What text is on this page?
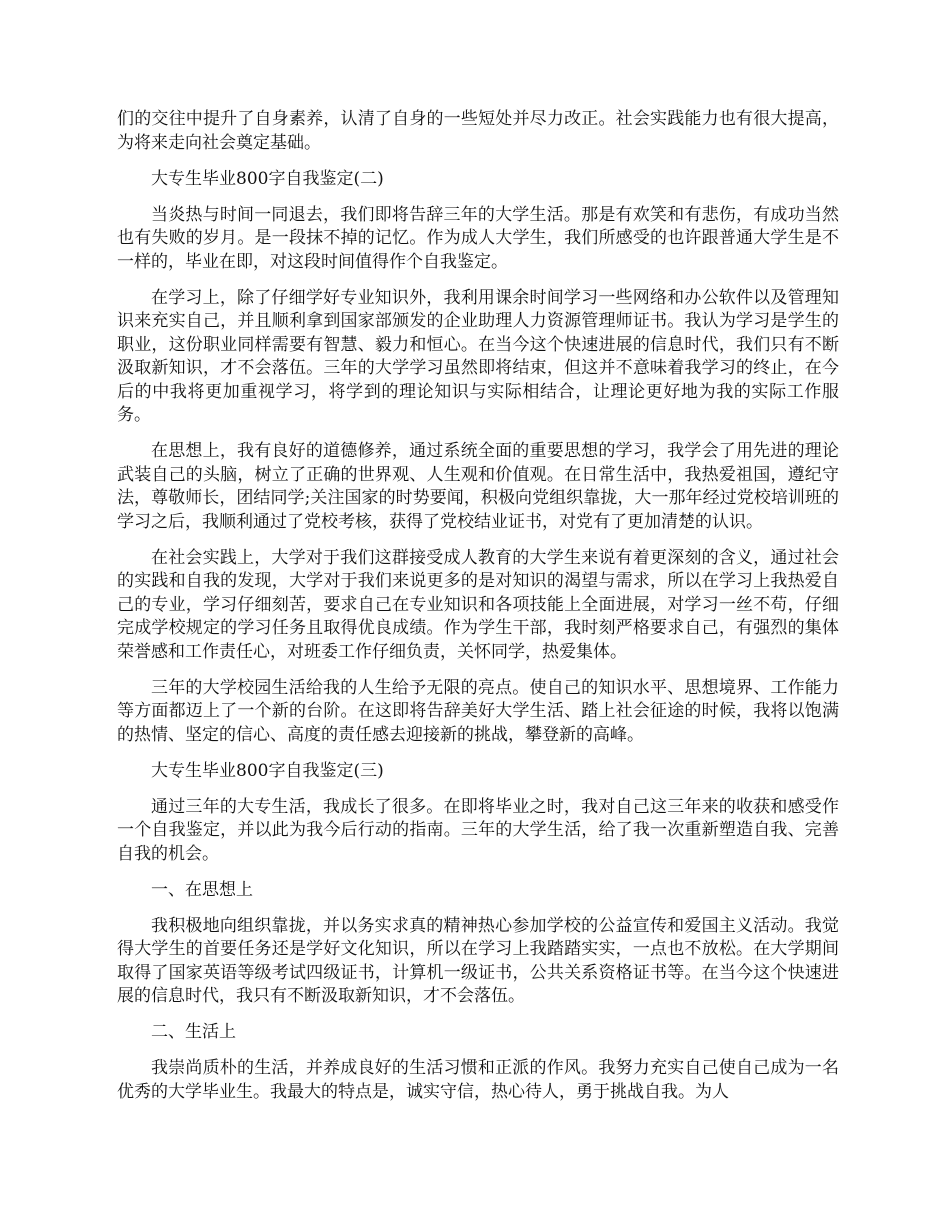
们的交往中提升了自身素养，认清了自身的一些短处并尽力改正。社会实践能力也有很大提高，为将来走向社会奠定基础。

大专生毕业800字自我鉴定(二)

当炎热与时间一同退去，我们即将告辞三年的大学生活。那是有欢笑和有悲伤，有成功当然也有失败的岁月。是一段抹不掉的记忆。作为成人大学生，我们所感受的也许跟普通大学生是不一样的，毕业在即，对这段时间值得作个自我鉴定。

在学习上，除了仔细学好专业知识外，我利用课余时间学习一些网络和办公软件以及管理知识来充实自己，并且顺利拿到国家部颁发的企业助理人力资源管理师证书。我认为学习是学生的职业，这份职业同样需要有智慧、毅力和恒心。在当今这个快速进展的信息时代，我们只有不断汲取新知识，才不会落伍。三年的大学学习虽然即将结束，但这并不意味着我学习的终止，在今后的中我将更加重视学习，将学到的理论知识与实际相结合，让理论更好地为我的实际工作服务。

在思想上，我有良好的道德修养，通过系统全面的重要思想的学习，我学会了用先进的理论武装自己的头脑，树立了正确的世界观、人生观和价值观。在日常生活中，我热爱祖国，遵纪守法，尊敬师长，团结同学;关注国家的时势要闻，积极向党组织靠拢，大一那年经过党校培训班的学习之后，我顺利通过了党校考核，获得了党校结业证书，对党有了更加清楚的认识。

在社会实践上，大学对于我们这群接受成人教育的大学生来说有着更深刻的含义，通过社会的实践和自我的发现，大学对于我们来说更多的是对知识的渴望与需求，所以在学习上我热爱自己的专业，学习仔细刻苦，要求自己在专业知识和各项技能上全面进展，对学习一丝不苟，仔细完成学校规定的学习任务且取得优良成绩。作为学生干部，我时刻严格要求自己，有强烈的集体荣誉感和工作责任心，对班委工作仔细负责，关怀同学，热爱集体。

三年的大学校园生活给我的人生给予无限的亮点。使自己的知识水平、思想境界、工作能力等方面都迈上了一个新的台阶。在这即将告辞美好大学生活、踏上社会征途的时候，我将以饱满的热情、坚定的信心、高度的责任感去迎接新的挑战，攀登新的高峰。

大专生毕业800字自我鉴定(三)

通过三年的大专生活，我成长了很多。在即将毕业之时，我对自己这三年来的收获和感受作一个自我鉴定，并以此为我今后行动的指南。三年的大学生活，给了我一次重新塑造自我、完善自我的机会。

一、在思想上

我积极地向组织靠拢，并以务实求真的精神热心参加学校的公益宣传和爱国主义活动。我觉得大学生的首要任务还是学好文化知识，所以在学习上我踏踏实实，一点也不放松。在大学期间取得了国家英语等级考试四级证书，计算机一级证书，公共关系资格证书等。在当今这个快速进展的信息时代，我只有不断汲取新知识，才不会落伍。

二、生活上

我崇尚质朴的生活，并养成良好的生活习惯和正派的作风。我努力充实自己使自己成为一名优秀的大学毕业生。我最大的特点是，诚实守信，热心待人，勇于挑战自我。为人
